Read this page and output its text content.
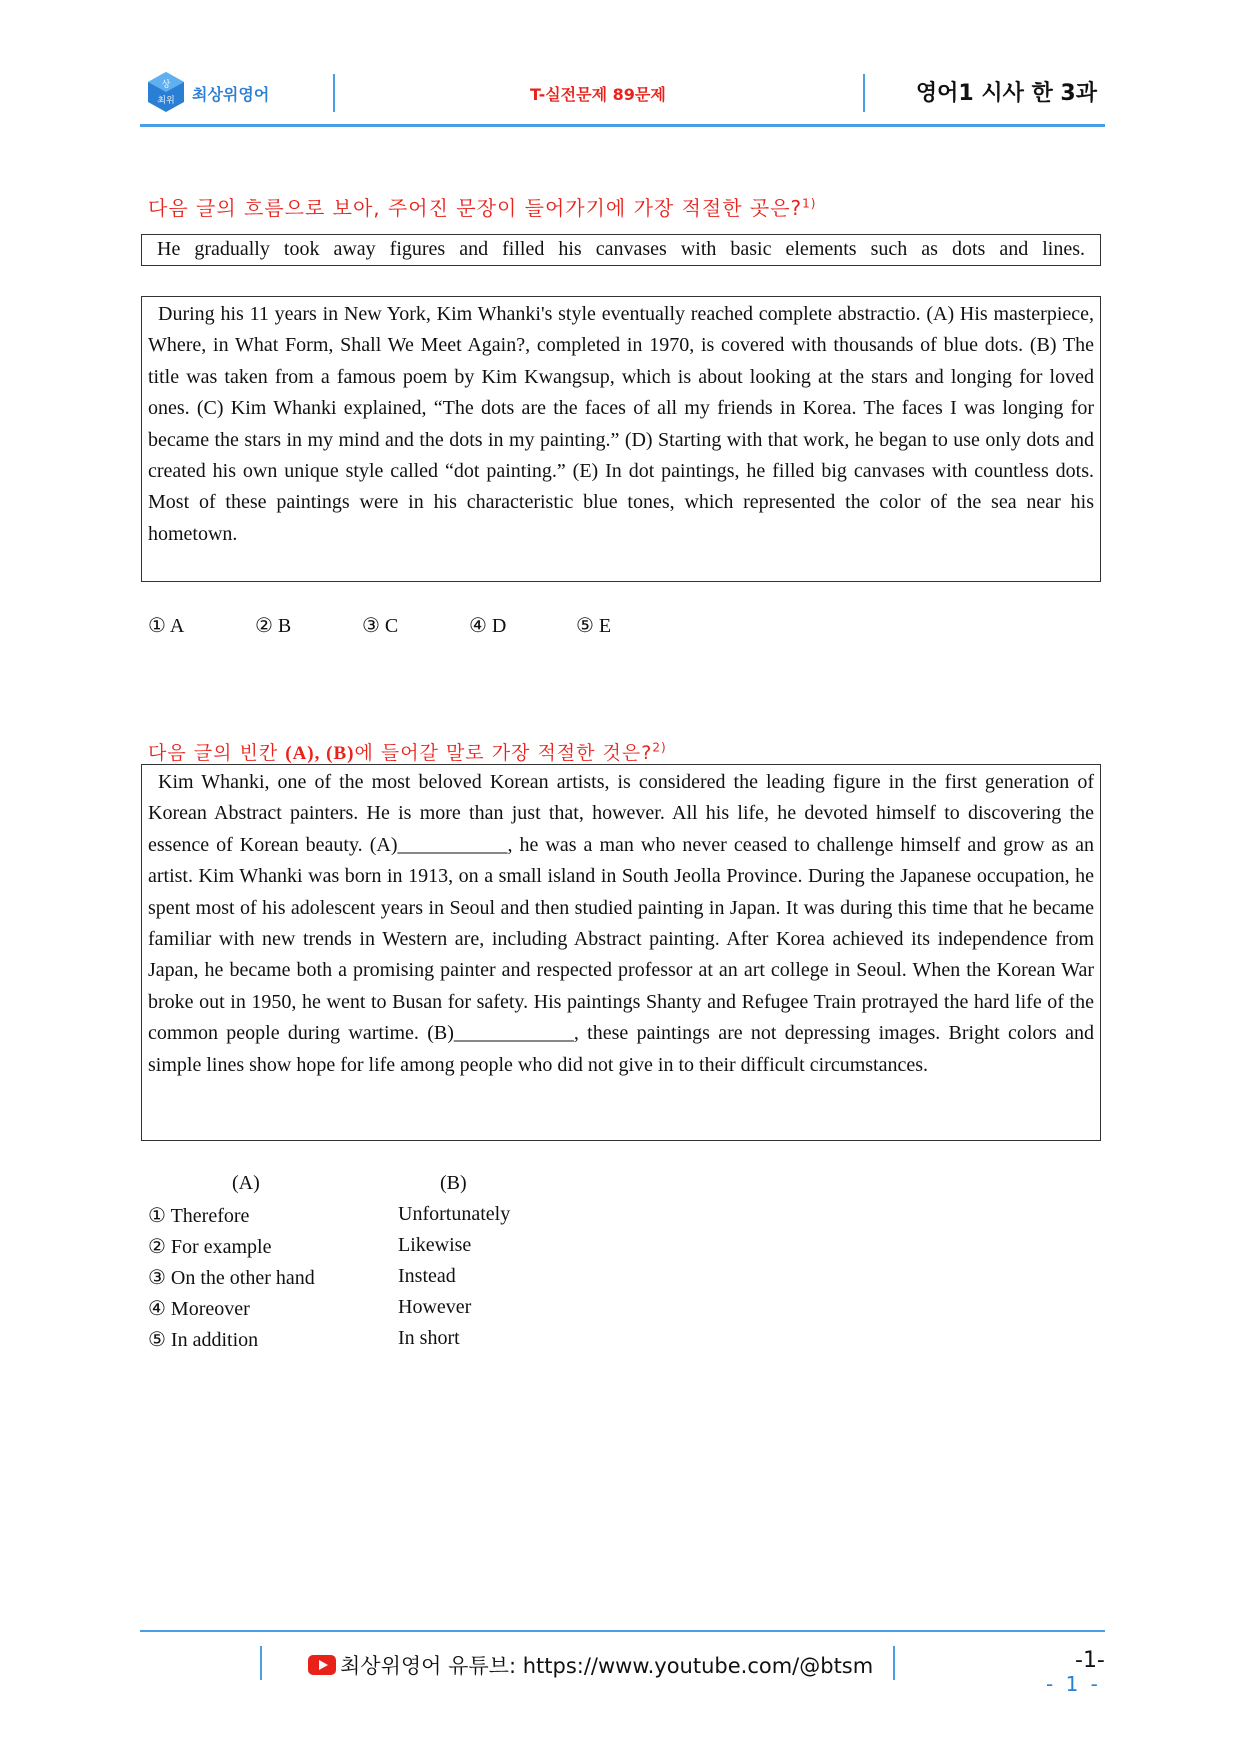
상
최위 최상위영어	T-실전문제 89문제	영어1 시사 한 3과
다음 글의 흐름으로 보아, 주어진 문장이 들어가기에 가장 적절한 곳은?$^{1)}$
He gradually took away figures and filled his canvases with basic elements such as dots and lines.
During his 11 years in New York, Kim Whanki's style eventually reached complete abstractio. (A) His masterpiece, Where, in What Form, Shall We Meet Again?, completed in 1970, is covered with thousands of blue dots. (B) The title was taken from a famous poem by Kim Kwangsup, which is about looking at the stars and longing for loved ones. (C) Kim Whanki explained, “The dots are the faces of all my friends in Korea. The faces I was longing for became the stars in my mind and the dots in my painting.” (D) Starting with that work, he began to use only dots and created his own unique style called “dot painting.” (E) In dot paintings, he filled big canvases with countless dots. Most of these paintings were in his characteristic blue tones, which represented the color of the sea near his hometown.
① A	② B	③ C	④ D	⑤ E
다음 글의 빈칸 (A), (B)에 들어갈 말로 가장 적절한 것은?$^{2)}$
Kim Whanki, one of the most beloved Korean artists, is considered the leading figure in the first generation of Korean Abstract painters. He is more than just that, however. All his life, he devoted himself to discovering the essence of Korean beauty. (A)___________, he was a man who never ceased to challenge himself and grow as an artist. Kim Whanki was born in 1913, on a small island in South Jeolla Province. During the Japanese occupation, he spent most of his adolescent years in Seoul and then studied painting in Japan. It was during this time that he became familiar with new trends in Western are, including Abstract painting. After Korea achieved its independence from Japan, he became both a promising painter and respected professor at an art college in Seoul. When the Korean War broke out in 1950, he went to Busan for safety. His paintings Shanty and Refugee Train protrayed the hard life of the common people during wartime. (B)____________, these paintings are not depressing images. Bright colors and simple lines show hope for life among people who did not give in to their difficult circumstances.
(A)	(B)
① Therefore	Unfortunately
② For example	Likewise
③ On the other hand	Instead
④ Moreover	However
⑤ In addition	In short
최상위영어 유튜브: https://www.youtube.com/@btsm	-1-
- 1 -
